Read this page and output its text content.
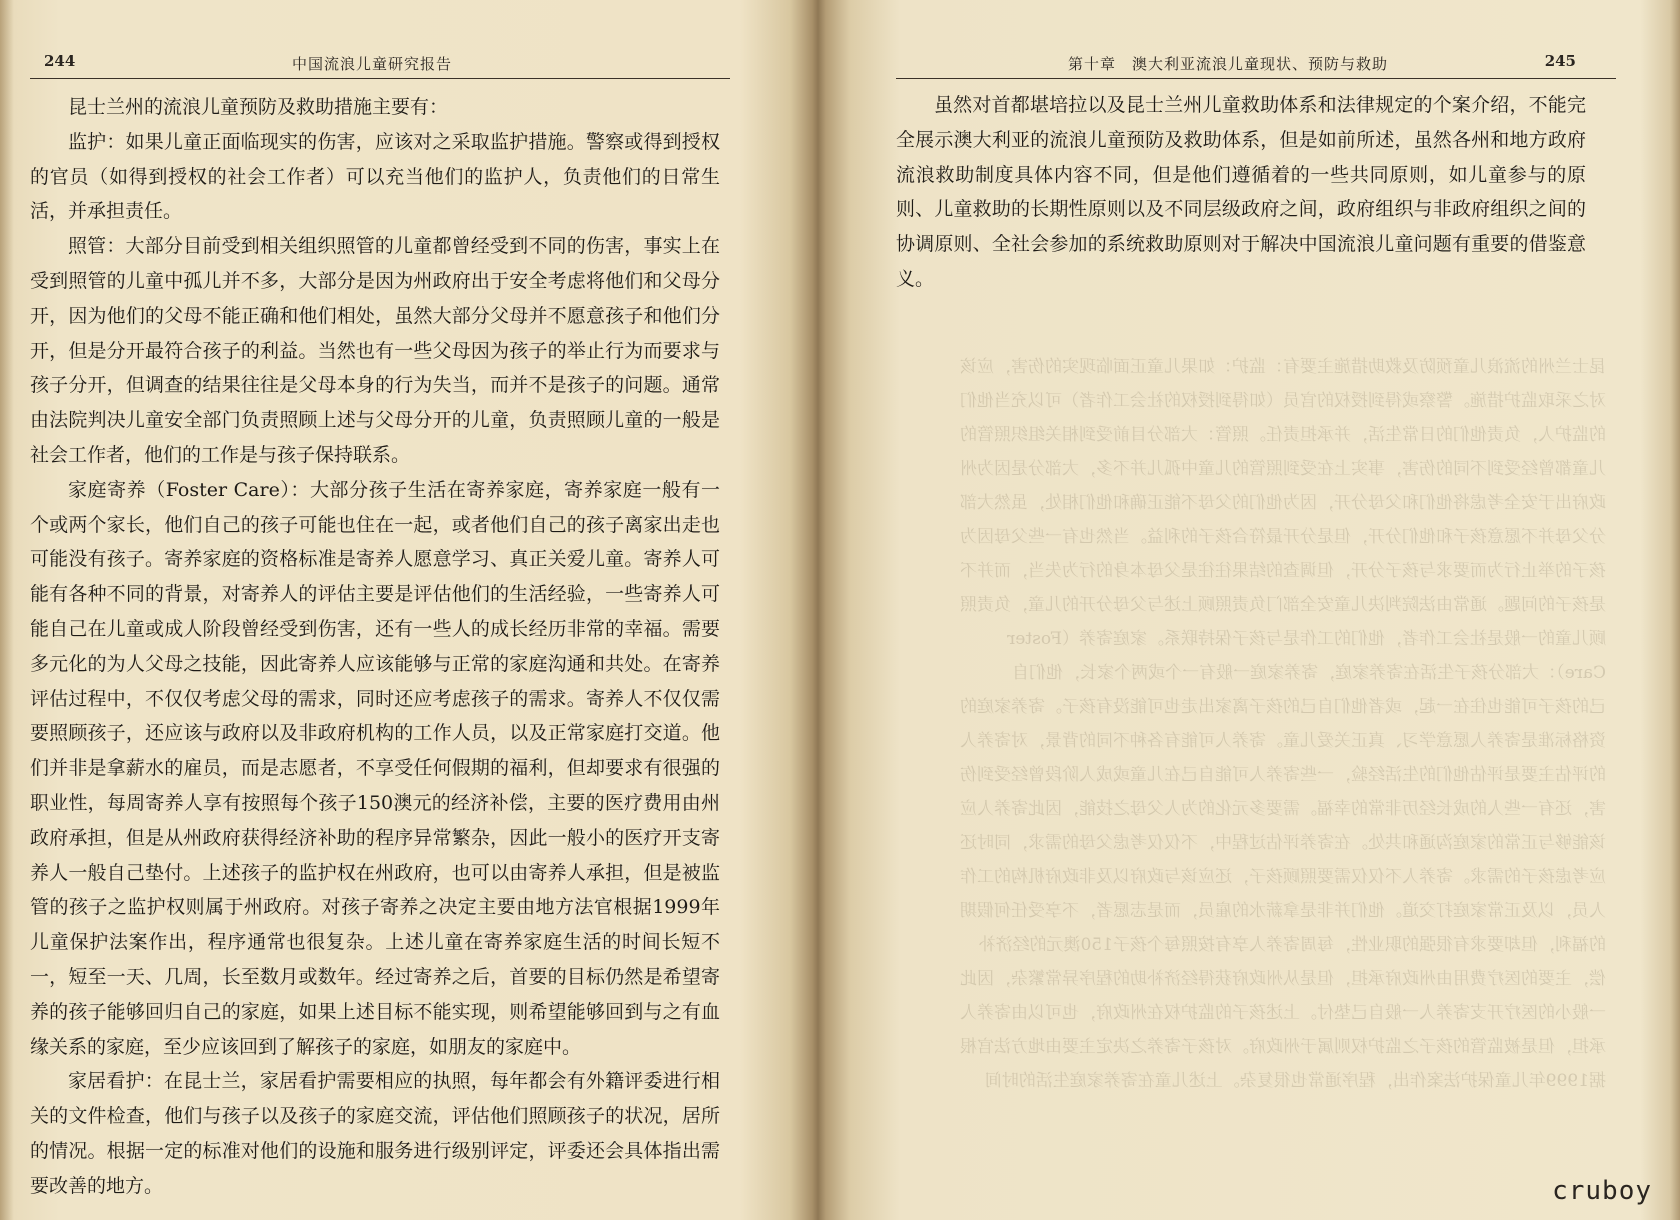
244	中国流浪儿童研究报告

昆士兰州的流浪儿童预防及救助措施主要有：

监护：如果儿童正面临现实的伤害，应该对之采取监护措施。警察或得到授权的官员（如得到授权的社会工作者）可以充当他们的监护人，负责他们的日常生活，并承担责任。

照管：大部分目前受到相关组织照管的儿童都曾经受到不同的伤害，事实上在受到照管的儿童中孤儿并不多，大部分是因为州政府出于安全考虑将他们和父母分开，因为他们的父母不能正确和他们相处，虽然大部分父母并不愿意孩子和他们分开，但是分开最符合孩子的利益。当然也有一些父母因为孩子的举止行为而要求与孩子分开，但调查的结果往往是父母本身的行为失当，而并不是孩子的问题。通常由法院判决儿童安全部门负责照顾上述与父母分开的儿童，负责照顾儿童的一般是社会工作者，他们的工作是与孩子保持联系。

家庭寄养（Foster Care）：大部分孩子生活在寄养家庭，寄养家庭一般有一个或两个家长，他们自己的孩子可能也住在一起，或者他们自己的孩子离家出走也可能没有孩子。寄养家庭的资格标准是寄养人愿意学习、真正关爱儿童。寄养人可能有各种不同的背景，对寄养人的评估主要是评估他们的生活经验，一些寄养人可能自己在儿童或成人阶段曾经受到伤害，还有一些人的成长经历非常的幸福。需要多元化的为人父母之技能，因此寄养人应该能够与正常的家庭沟通和共处。在寄养评估过程中，不仅仅考虑父母的需求，同时还应考虑孩子的需求。寄养人不仅仅需要照顾孩子，还应该与政府以及非政府机构的工作人员，以及正常家庭打交道。他们并非是拿薪水的雇员，而是志愿者，不享受任何假期的福利，但却要求有很强的职业性，每周寄养人享有按照每个孩子150澳元的经济补偿，主要的医疗费用由州政府承担，但是从州政府获得经济补助的程序异常繁杂，因此一般小的医疗开支寄养人一般自己垫付。上述孩子的监护权在州政府，也可以由寄养人承担，但是被监管的孩子之监护权则属于州政府。对孩子寄养之决定主要由地方法官根据1999年儿童保护法案作出，程序通常也很复杂。上述儿童在寄养家庭生活的时间长短不一，短至一天、几周，长至数月或数年。经过寄养之后，首要的目标仍然是希望寄养的孩子能够回归自己的家庭，如果上述目标不能实现，则希望能够回到与之有血缘关系的家庭，至少应该回到了解孩子的家庭，如朋友的家庭中。

家居看护：在昆士兰，家居看护需要相应的执照，每年都会有外籍评委进行相关的文件检查，他们与孩子以及孩子的家庭交流，评估他们照顾孩子的状况，居所的情况。根据一定的标准对他们的设施和服务进行级别评定，评委还会具体指出需要改善的地方。

第十章　澳大利亚流浪儿童现状、预防与救助	245

虽然对首都堪培拉以及昆士兰州儿童救助体系和法律规定的个案介绍，不能完全展示澳大利亚的流浪儿童预防及救助体系，但是如前所述，虽然各州和地方政府流浪救助制度具体内容不同，但是他们遵循着的一些共同原则，如儿童参与的原则、儿童救助的长期性原则以及不同层级政府之间，政府组织与非政府组织之间的协调原则、全社会参加的系统救助原则对于解决中国流浪儿童问题有重要的借鉴意义。

昆士兰州的流浪儿童预防及救助措施主要有：监护：如果儿童正面临现实的伤害，应该
对之采取监护措施。警察或得到授权的官员（如得到授权的社会工作者）可以充当他们
的监护人，负责他们的日常生活，并承担责任。照管：大部分目前受到相关组织照管的
儿童都曾经受到不同的伤害，事实上在受到照管的儿童中孤儿并不多，大部分是因为州
政府出于安全考虑将他们和父母分开，因为他们的父母不能正确和他们相处，虽然大部
分父母并不愿意孩子和他们分开，但是分开最符合孩子的利益。当然也有一些父母因为
孩子的举止行为而要求与孩子分开，但调查的结果往往是父母本身的行为失当，而并不
是孩子的问题。通常由法院判决儿童安全部门负责照顾上述与父母分开的儿童，负责照
顾儿童的一般是社会工作者，他们的工作是与孩子保持联系。家庭寄养（Foster
Care）：大部分孩子生活在寄养家庭，寄养家庭一般有一个或两个家长，他们自
己的孩子可能也住在一起，或者他们自己的孩子离家出走也可能没有孩子。寄养家庭的
资格标准是寄养人愿意学习、真正关爱儿童。寄养人可能有各种不同的背景，对寄养人
的评估主要是评估他们的生活经验，一些寄养人可能自己在儿童或成人阶段曾经受到伤
害，还有一些人的成长经历非常的幸福。需要多元化的为人父母之技能，因此寄养人应
该能够与正常的家庭沟通和共处。在寄养评估过程中，不仅仅考虑父母的需求，同时还
应考虑孩子的需求。寄养人不仅仅需要照顾孩子，还应该与政府以及非政府机构的工作
人员，以及正常家庭打交道。他们并非是拿薪水的雇员，而是志愿者，不享受任何假期
的福利，但却要求有很强的职业性，每周寄养人享有按照每个孩子150澳元的经济补
偿，主要的医疗费用由州政府承担，但是从州政府获得经济补助的程序异常繁杂，因此
一般小的医疗开支寄养人一般自己垫付。上述孩子的监护权在州政府，也可以由寄养人
承担，但是被监管的孩子之监护权则属于州政府。对孩子寄养之决定主要由地方法官根
据1999年儿童保护法案作出，程序通常也很复杂。上述儿童在寄养家庭生活的时间
cruboy
